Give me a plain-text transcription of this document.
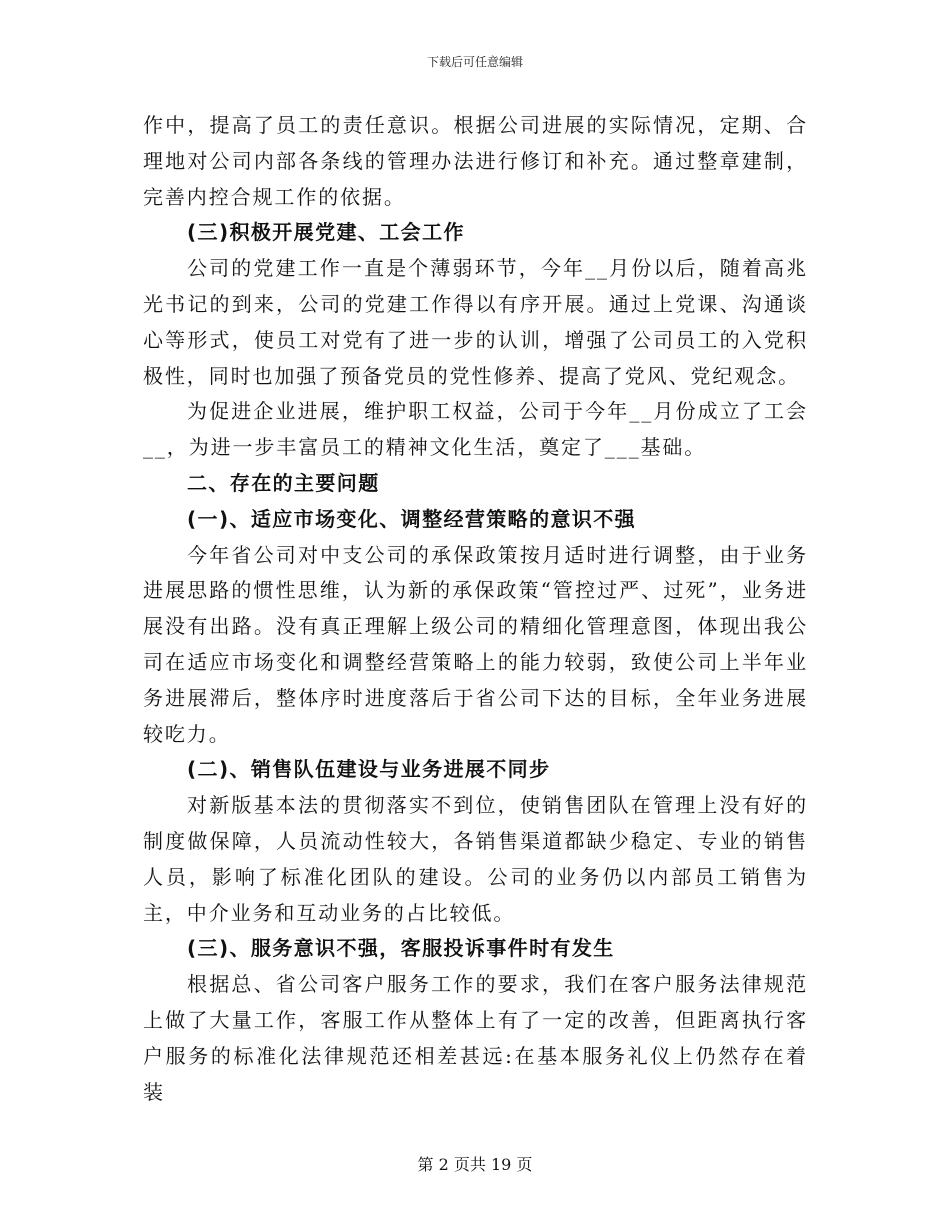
下载后可任意编辑

作中，提高了员工的责任意识。根据公司进展的实际情况，定期、合理地对公司内部各条线的管理办法进行修订和补充。通过整章建制，完善内控合规工作的依据。

(三)积极开展党建、工会工作

公司的党建工作一直是个薄弱环节，今年__月份以后，随着高兆光书记的到来，公司的党建工作得以有序开展。通过上党课、沟通谈心等形式，使员工对党有了进一步的认训，增强了公司员工的入党积极性，同时也加强了预备党员的党性修养、提高了党风、党纪观念。

为促进企业进展，维护职工权益，公司于今年__月份成立了工会__，为进一步丰富员工的精神文化生活，奠定了___基础。

二、存在的主要问题

(一)、适应市场变化、调整经营策略的意识不强

今年省公司对中支公司的承保政策按月适时进行调整，由于业务进展思路的惯性思维，认为新的承保政策“管控过严、过死”，业务进展没有出路。没有真正理解上级公司的精细化管理意图，体现出我公司在适应市场变化和调整经营策略上的能力较弱，致使公司上半年业务进展滞后，整体序时进度落后于省公司下达的目标，全年业务进展较吃力。

(二)、销售队伍建设与业务进展不同步

对新版基本法的贯彻落实不到位，使销售团队在管理上没有好的制度做保障，人员流动性较大，各销售渠道都缺少稳定、专业的销售人员，影响了标准化团队的建设。公司的业务仍以内部员工销售为主，中介业务和互动业务的占比较低。

(三)、服务意识不强，客服投诉事件时有发生

根据总、省公司客户服务工作的要求，我们在客户服务法律规范上做了大量工作，客服工作从整体上有了一定的改善，但距离执行客户服务的标准化法律规范还相差甚远:在基本服务礼仪上仍然存在着装

第 2 页共 19 页
